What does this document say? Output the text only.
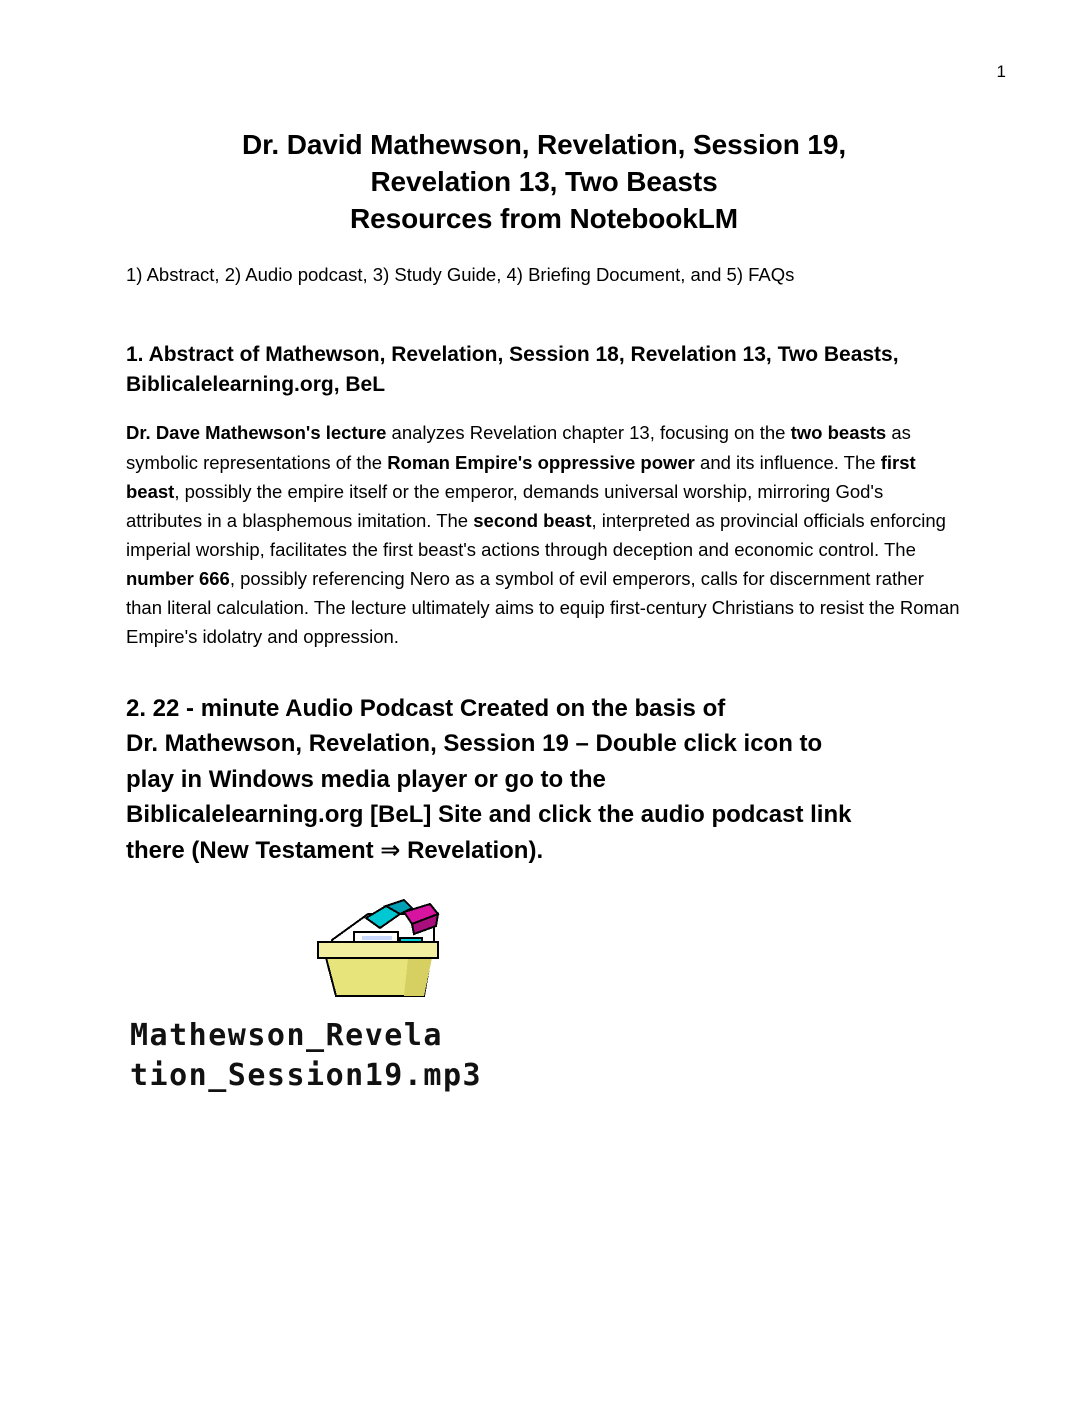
1
Dr. David Mathewson, Revelation, Session 19,
Revelation 13, Two Beasts
Resources from NotebookLM
1) Abstract, 2) Audio podcast, 3) Study Guide, 4) Briefing Document, and 5) FAQs
1. Abstract of Mathewson, Revelation, Session 18, Revelation 13, Two Beasts, Biblicalelearning.org, BeL
Dr. Dave Mathewson's lecture analyzes Revelation chapter 13, focusing on the two beasts as symbolic representations of the Roman Empire's oppressive power and its influence. The first beast, possibly the empire itself or the emperor, demands universal worship, mirroring God's attributes in a blasphemous imitation. The second beast, interpreted as provincial officials enforcing imperial worship, facilitates the first beast's actions through deception and economic control. The number 666, possibly referencing Nero as a symbol of evil emperors, calls for discernment rather than literal calculation. The lecture ultimately aims to equip first-century Christians to resist the Roman Empire's idolatry and oppression.
2. 22 - minute Audio Podcast Created on the basis of
Dr. Mathewson, Revelation, Session 19 – Double click icon to
play in Windows media player or go to the
Biblicalelearning.org [BeL] Site and click the audio podcast link
there (New Testament ⇒ Revelation).
Mathewson_Revela
tion_Session19.mp3
